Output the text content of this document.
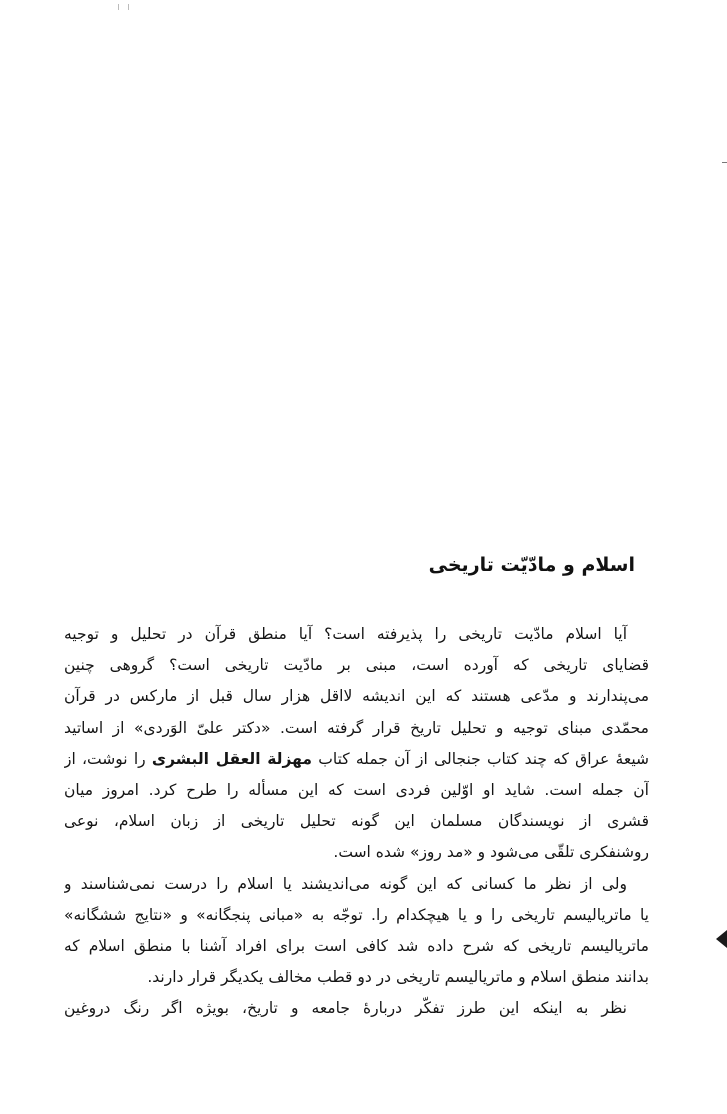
اسلام و مادّیّت تاریخی
آیا اسلام مادّیت تاریخی را پذیرفته است؟ آیا منطق قرآن در تحلیل و توجیه
قضایای تاریخی که آورده است، مبنی بر مادّیت تاریخی است؟ گروهی چنین
می‌پندارند و مدّعی هستند که این اندیشه لااقل هزار سال قبل از مارکس در قرآن
محمّدی مبنای توجیه و تحلیل تاریخ قرار گرفته است. «دکتر علیّ الوَردی» از اساتید
شیعهٔ عراق که چند کتاب جنجالی از آن جمله کتاب مهزلة العقل البشری را نوشت، از
آن جمله است. شاید او اوّلین فردی است که این مسأله را طرح کرد. امروز میان
قشری از نویسندگان مسلمان این گونه تحلیل تاریخی از زبان اسلام، نوعی
روشنفکری تلقّی می‌شود و «مد روز» شده است.
ولی از نظر ما کسانی که این گونه می‌اندیشند یا اسلام را درست نمی‌شناسند و
یا ماتریالیسم تاریخی را و یا هیچکدام را. توجّه به «مبانی پنجگانه» و «نتایج ششگانه»
ماتریالیسم تاریخی که شرح داده شد کافی است برای افراد آشنا با منطق اسلام که
بدانند منطق اسلام و ماتریالیسم تاریخی در دو قطب مخالف یکدیگر قرار دارند.
نظر به اینکه این طرز تفکّر دربارهٔ جامعه و تاریخ، بویژه اگر رنگ دروغین
